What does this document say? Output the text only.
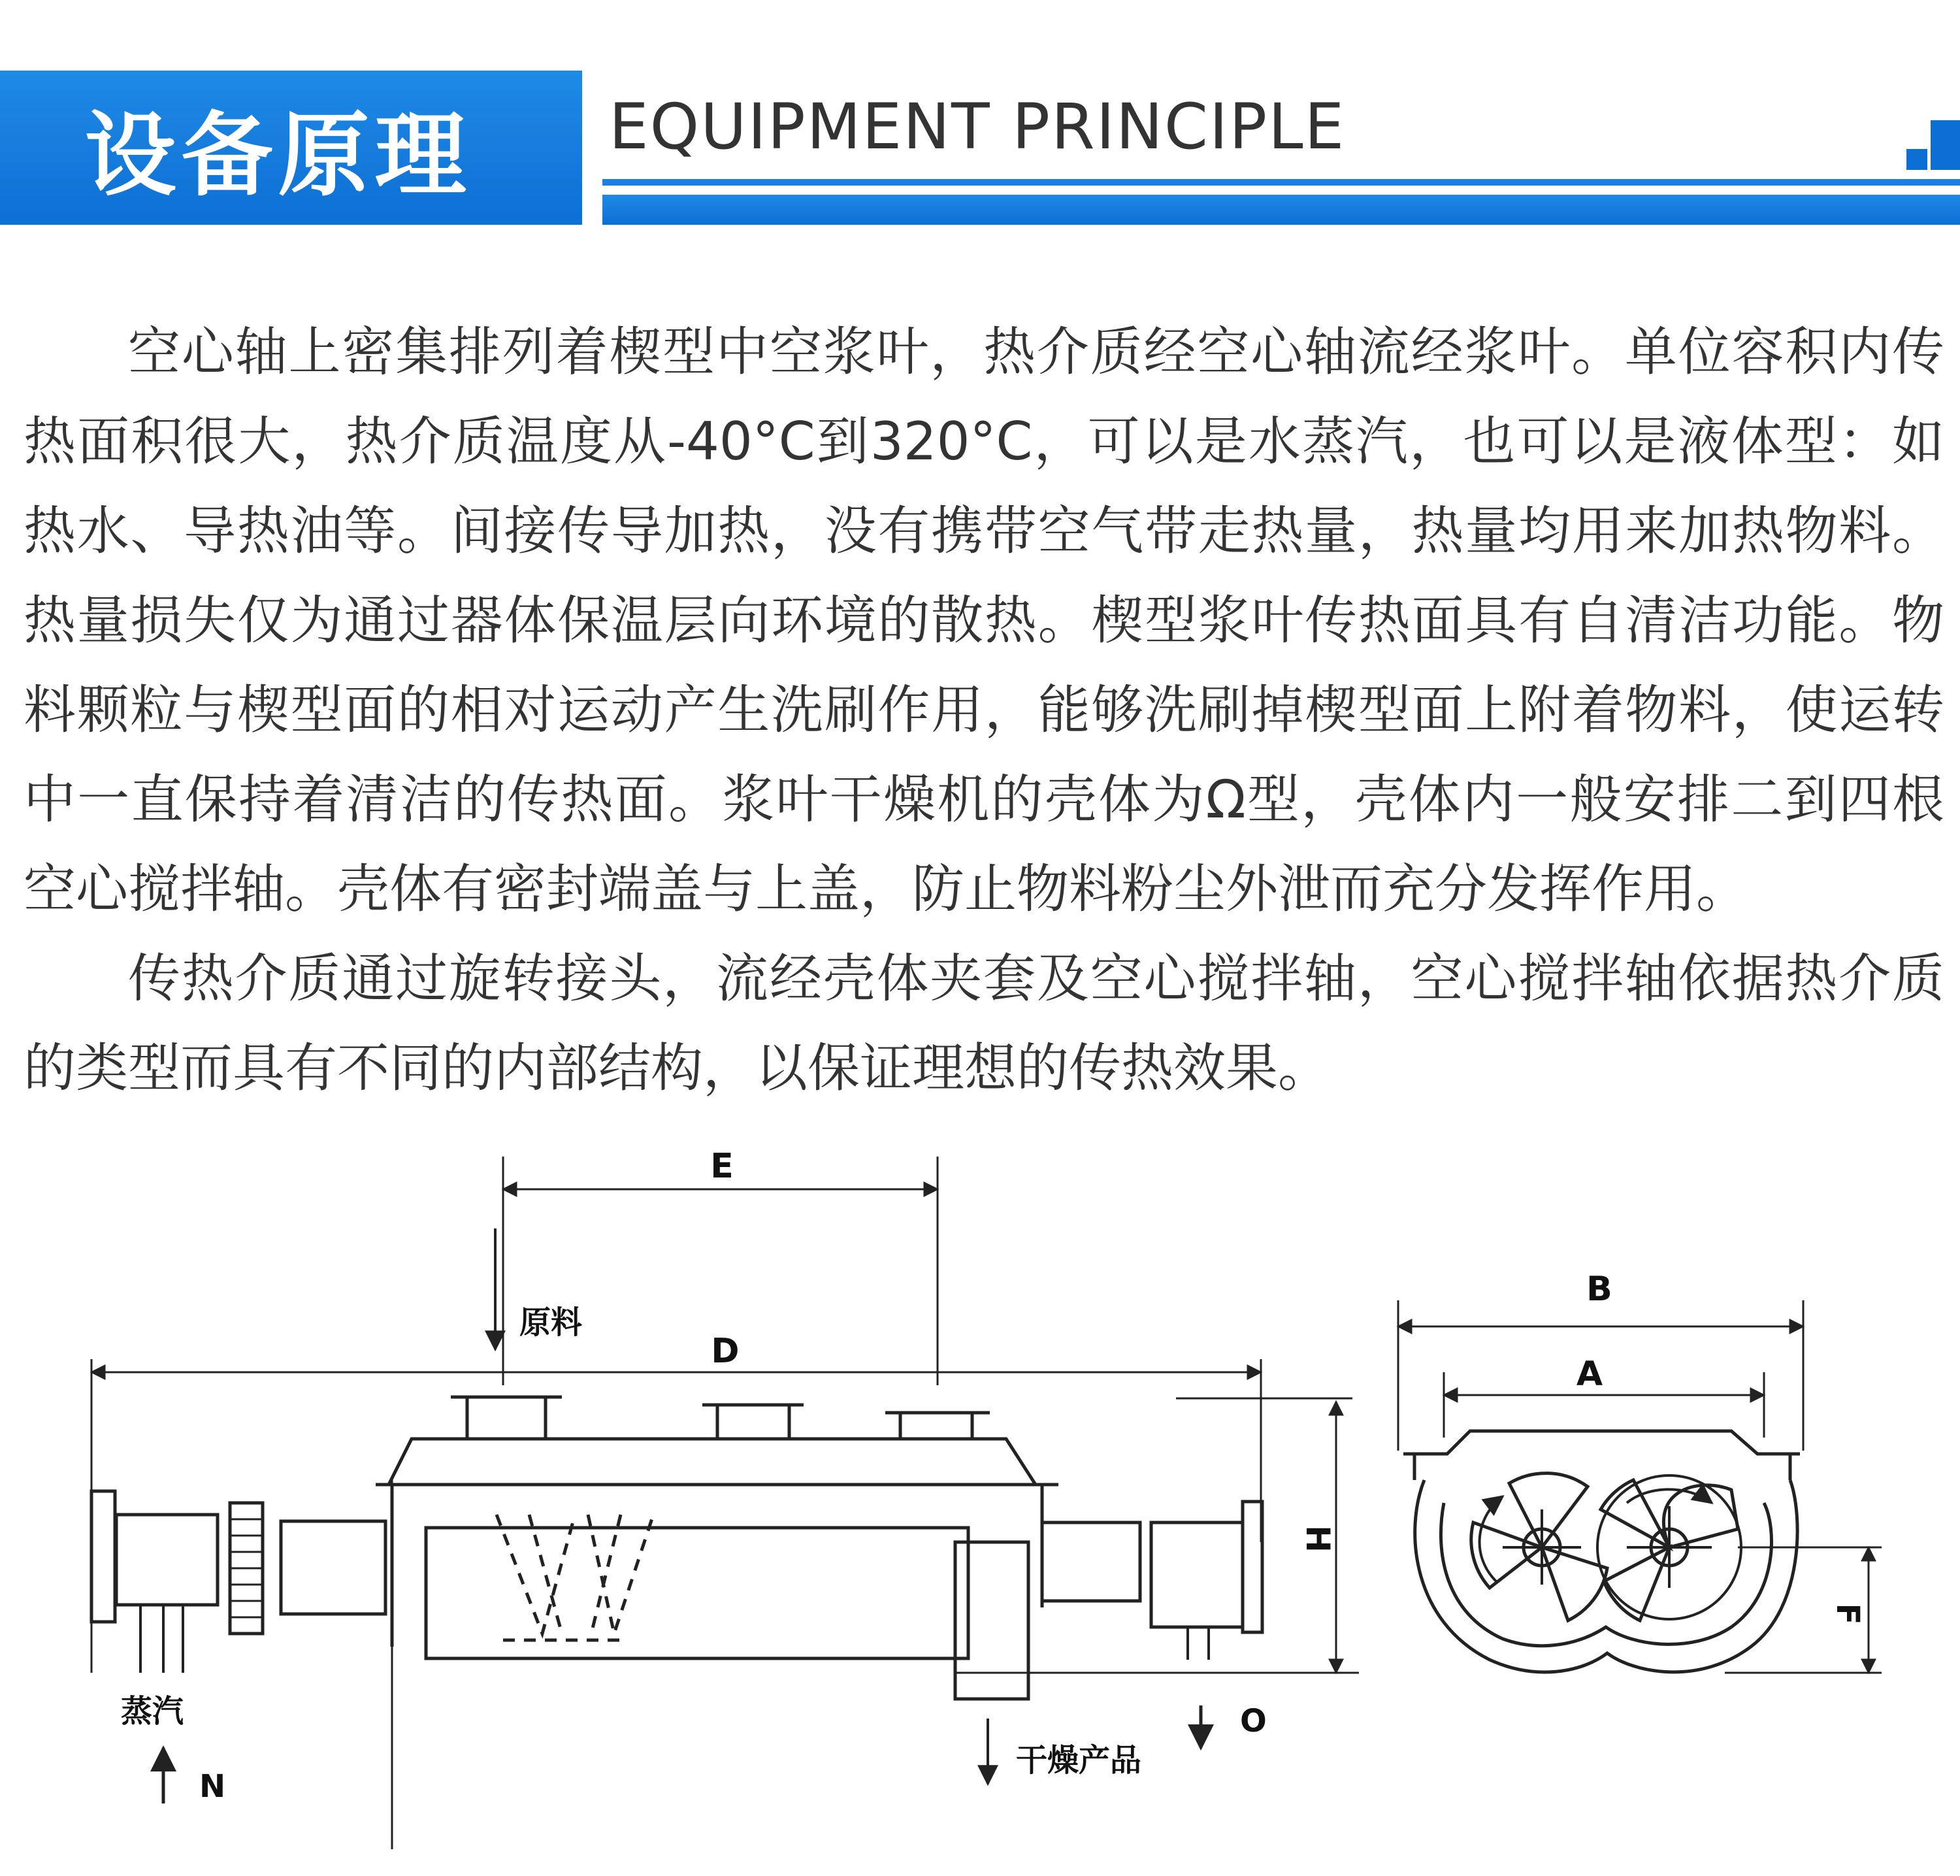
设备原理 EQUIPMENT PRINCIPLE

空心轴上密集排列着楔型中空浆叶，热介质经空心轴流经浆叶。单位容积内传热面积很大，热介质温度从-40°C到320°C，可以是水蒸汽，也可以是液体型：如热水、导热油等。间接传导加热，没有携带空气带走热量，热量均用来加热物料。热量损失仅为通过器体保温层向环境的散热。楔型浆叶传热面具有自清洁功能。物料颗粒与楔型面的相对运动产生洗刷作用，能够洗刷掉楔型面上附着物料，使运转中一直保持着清洁的传热面。浆叶干燥机的壳体为Ω型，壳体内一般安排二到四根空心搅拌轴。壳体有密封端盖与上盖，防止物料粉尘外泄而充分发挥作用。

传热介质通过旋转接头，流经壳体夹套及空心搅拌轴，空心搅拌轴依据热介质的类型而具有不同的内部结构，以保证理想的传热效果。

E
D
原料
蒸汽
N
O
干燥产品
H
B
A
F
